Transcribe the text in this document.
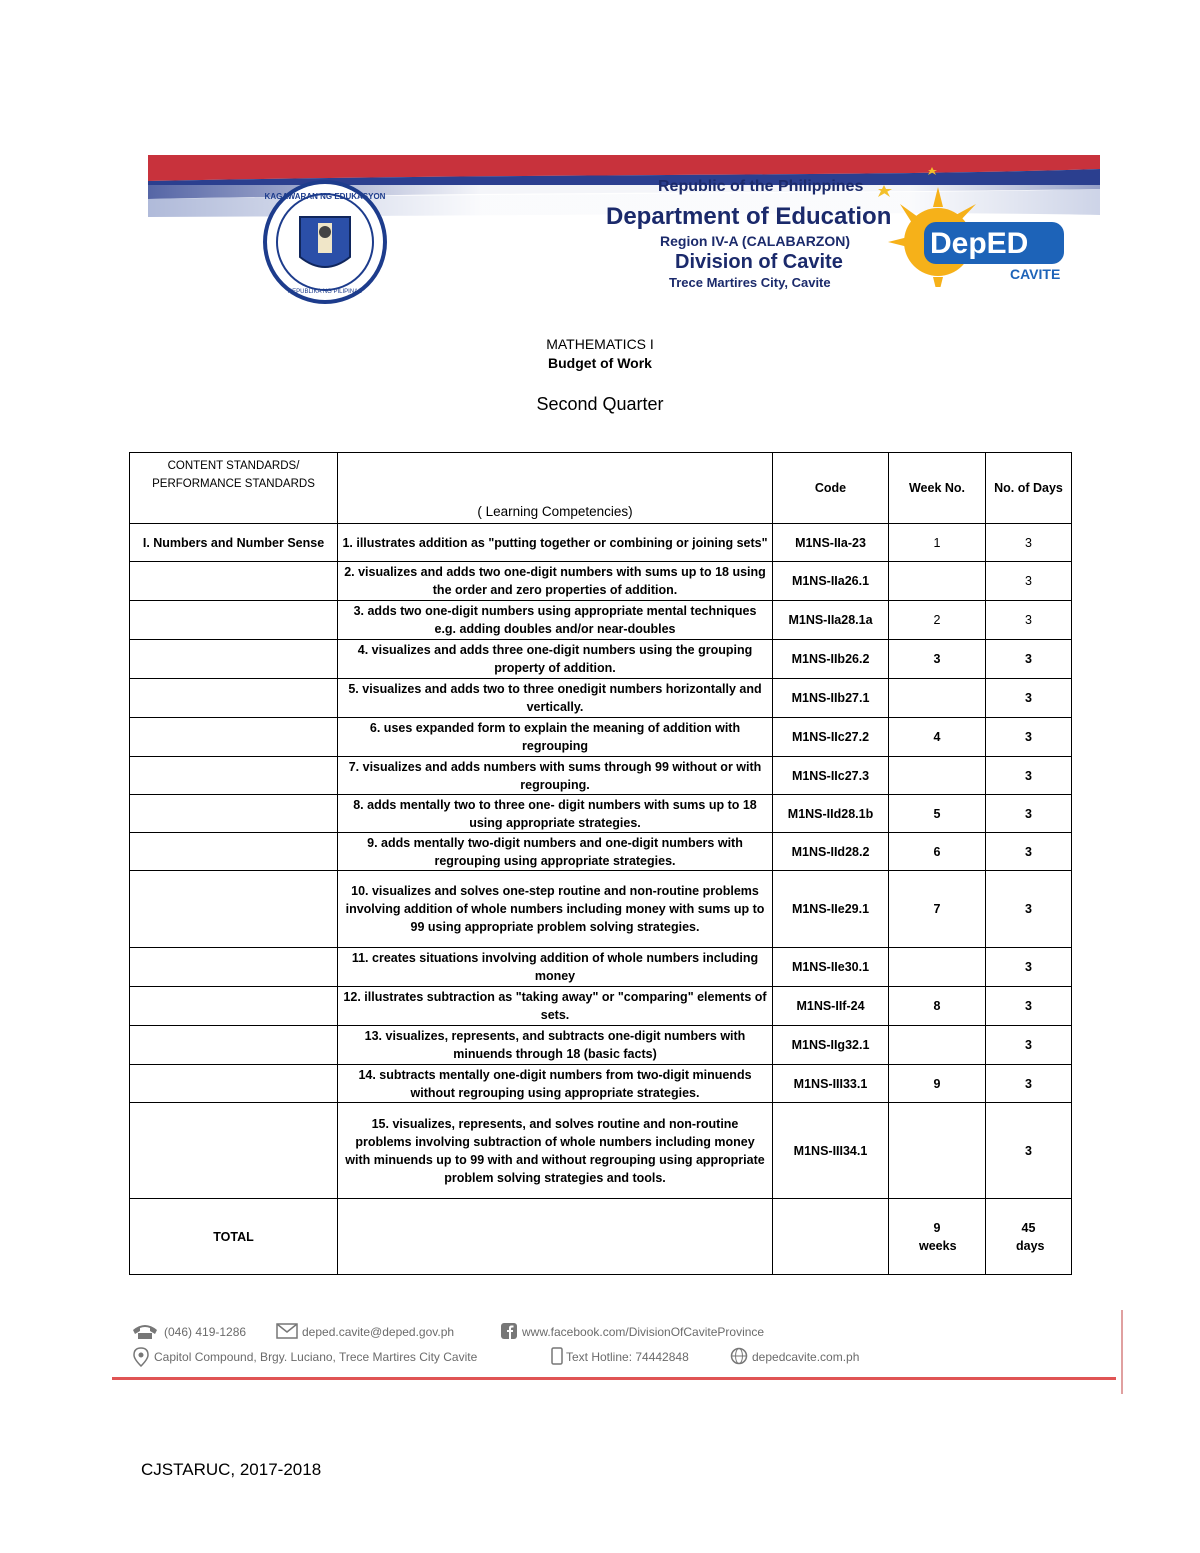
KAGAWARAN NG EDUKASYON
REPUBLIKA NG PILIPINAS
Republic of the Philippines
Department of Education
Region IV-A (CALABARZON)
Division of Cavite
Trece Martires City, Cavite
DepED
CAVITE
MATHEMATICS I
Budget of Work
Second Quarter
CONTENT STANDARDS/ PERFORMANCE STANDARDS	( Learning Competencies)	Code	Week No.	No. of Days
I. Numbers and Number Sense	1. illustrates addition as "putting together or combining or joining sets"	M1NS-IIa-23	1	3
	2. visualizes and adds two one-digit numbers with sums up to 18 using the order and zero properties of addition.	M1NS-IIa26.1		3
	3. adds two one-digit numbers using appropriate mental techniques e.g. adding doubles and/or near-doubles	M1NS-IIa28.1a	2	3
	4. visualizes and adds three one-digit numbers using the grouping property of addition.	M1NS-IIb26.2	3	3
	5. visualizes and adds two to three onedigit numbers horizontally and vertically.	M1NS-IIb27.1		3
	6. uses expanded form to explain the meaning of addition with regrouping	M1NS-IIc27.2	4	3
	7. visualizes and adds numbers with sums through 99 without or with regrouping.	M1NS-IIc27.3		3
	8. adds mentally two to three one- digit numbers with sums up to 18 using appropriate strategies.	M1NS-IId28.1b	5	3
	9. adds mentally two-digit numbers and one-digit numbers with regrouping using appropriate strategies.	M1NS-IId28.2	6	3
	10. visualizes and solves one-step routine and non-routine problems involving addition of whole numbers including money with sums up to 99 using appropriate problem solving strategies.	M1NS-IIe29.1	7	3
	11. creates situations involving addition of whole numbers including money	M1NS-IIe30.1		3
	12. illustrates subtraction as "taking away" or "comparing" elements of sets.	M1NS-IIf-24	8	3
	13. visualizes, represents, and subtracts one-digit numbers with minuends through 18 (basic facts)	M1NS-IIg32.1		3
	14. subtracts mentally one-digit numbers from two-digit minuends without regrouping using appropriate strategies.	M1NS-III33.1	9	3
	15. visualizes, represents, and solves routine and non-routine problems involving subtraction of whole numbers including money with minuends up to 99 with and without regrouping using appropriate problem solving strategies and tools.	M1NS-III34.1		3
TOTAL			9 weeks	45 days
(046) 419-1286	deped.cavite@deped.gov.ph	www.facebook.com/DivisionOfCaviteProvince
Capitol Compound, Brgy. Luciano, Trece Martires City Cavite	Text Hotline: 74442848	depedcavite.com.ph
CJSTARUC, 2017-2018
